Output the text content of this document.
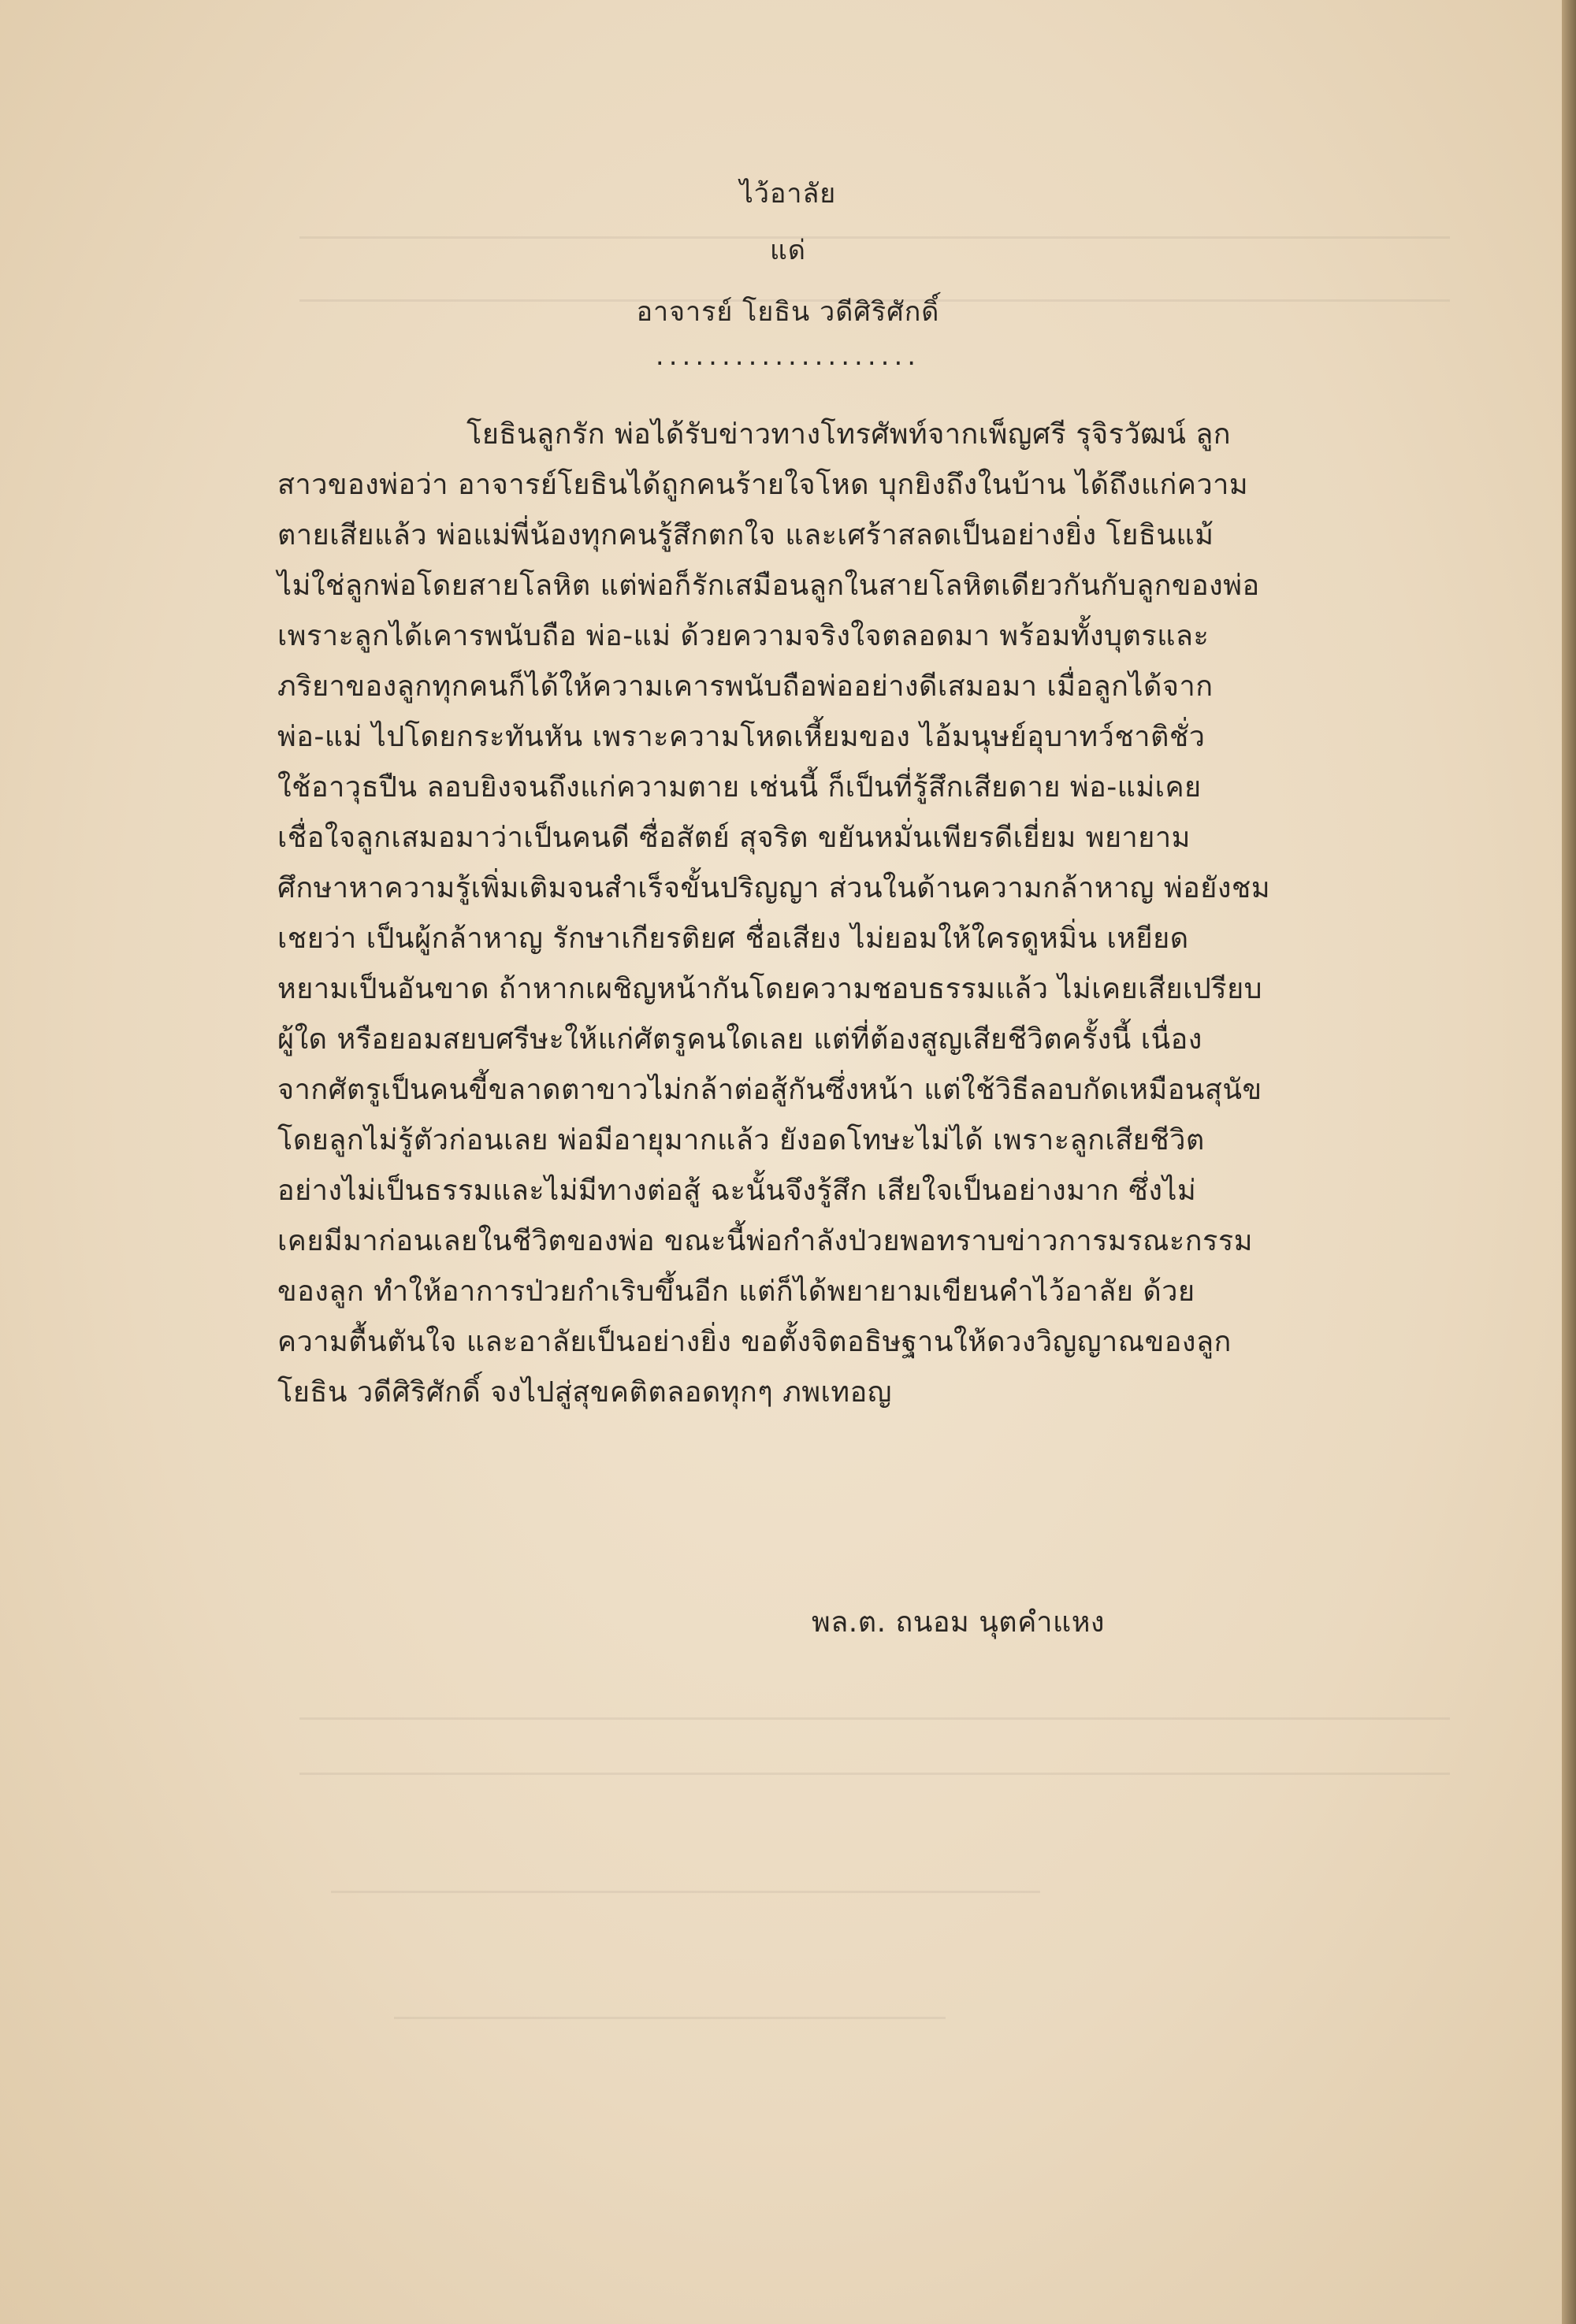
ไว้อาลัย
แด่
อาจารย์ โยธิน วดีศิริศักดิ์
....................
โยธินลูกรัก พ่อได้รับข่าวทางโทรศัพท์จากเพ็ญศรี รุจิรวัฒน์ ลูก
สาวของพ่อว่า อาจารย์โยธินได้ถูกคนร้ายใจโหด บุกยิงถึงในบ้าน ได้ถึงแก่ความ
ตายเสียแล้ว พ่อแม่พี่น้องทุกคนรู้สึกตกใจ และเศร้าสลดเป็นอย่างยิ่ง โยธินแม้
ไม่ใช่ลูกพ่อโดยสายโลหิต แต่พ่อก็รักเสมือนลูกในสายโลหิตเดียวกันกับลูกของพ่อ
เพราะลูกได้เคารพนับถือ พ่อ-แม่ ด้วยความจริงใจตลอดมา พร้อมทั้งบุตรและ
ภริยาของลูกทุกคนก็ได้ให้ความเคารพนับถือพ่ออย่างดีเสมอมา เมื่อลูกได้จาก
พ่อ-แม่ ไปโดยกระทันหัน เพราะความโหดเหี้ยมของ ไอ้มนุษย์อุบาทว์ชาติชั่ว
ใช้อาวุธปืน ลอบยิงจนถึงแก่ความตาย เช่นนี้ ก็เป็นที่รู้สึกเสียดาย พ่อ-แม่เคย
เชื่อใจลูกเสมอมาว่าเป็นคนดี ซื่อสัตย์ สุจริต ขยันหมั่นเพียรดีเยี่ยม พยายาม
ศึกษาหาความรู้เพิ่มเติมจนสำเร็จขั้นปริญญา ส่วนในด้านความกล้าหาญ พ่อยังชม
เชยว่า เป็นผู้กล้าหาญ รักษาเกียรติยศ ชื่อเสียง ไม่ยอมให้ใครดูหมิ่น เหยียด
หยามเป็นอันขาด ถ้าหากเผชิญหน้ากันโดยความชอบธรรมแล้ว ไม่เคยเสียเปรียบ
ผู้ใด หรือยอมสยบศรีษะให้แก่ศัตรูคนใดเลย แต่ที่ต้องสูญเสียชีวิตครั้งนี้ เนื่อง
จากศัตรูเป็นคนขี้ขลาดตาขาวไม่กล้าต่อสู้กันซึ่งหน้า แต่ใช้วิธีลอบกัดเหมือนสุนัข
โดยลูกไม่รู้ตัวก่อนเลย พ่อมีอายุมากแล้ว ยังอดโทษะไม่ได้ เพราะลูกเสียชีวิต
อย่างไม่เป็นธรรมและไม่มีทางต่อสู้ ฉะนั้นจึงรู้สึก เสียใจเป็นอย่างมาก ซึ่งไม่
เคยมีมาก่อนเลยในชีวิตของพ่อ ขณะนี้พ่อกำลังป่วยพอทราบข่าวการมรณะกรรม
ของลูก ทำให้อาการป่วยกำเริบขึ้นอีก แต่ก็ได้พยายามเขียนคำไว้อาลัย ด้วย
ความตื้นตันใจ และอาลัยเป็นอย่างยิ่ง ขอตั้งจิตอธิษฐานให้ดวงวิญญาณของลูก
โยธิน วดีศิริศักดิ์ จงไปสู่สุขคติตลอดทุกๆ ภพเทอญ
พล.ต. ถนอม นุตคำแหง
